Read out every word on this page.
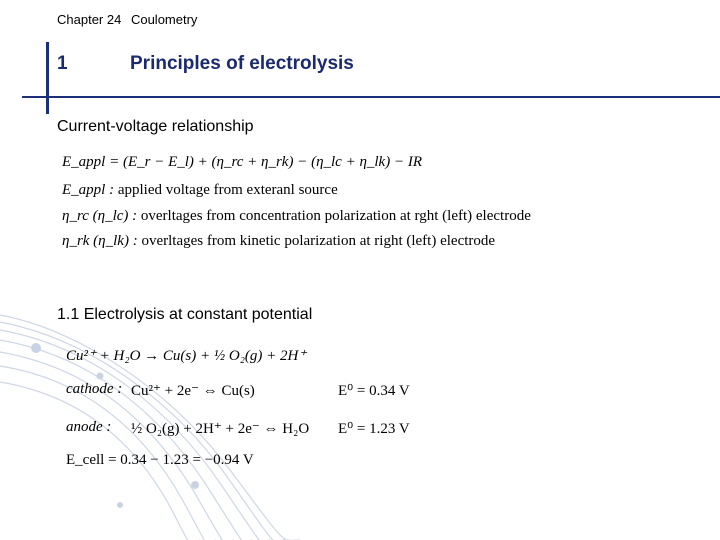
Chapter 24 Coulometry
1	Principles of electrolysis
Current-voltage relationship
E_appl = (E_r − E_l) + (η_rc + η_rk) − (η_lc + η_lk) − IR
E_appl : applied voltage from exteranl source
η_rc (η_lc) : overltages from concentration polarization at rght (left) electrode
η_rk (η_lk) : overltages from kinetic polarization at right (left) electrode
1.1 Electrolysis at constant potential
Cu²⁺ + H₂O → Cu(s) + ½ O₂(g) + 2H⁺
cathode : Cu²⁺ + 2e⁻ ⇔ Cu(s)	E⁰ = 0.34 V
anode : ½ O₂(g) + 2H⁺ + 2e⁻ ⇔ H₂O E⁰ = 1.23 V
E_cell = 0.34 − 1.23 = −0.94 V
